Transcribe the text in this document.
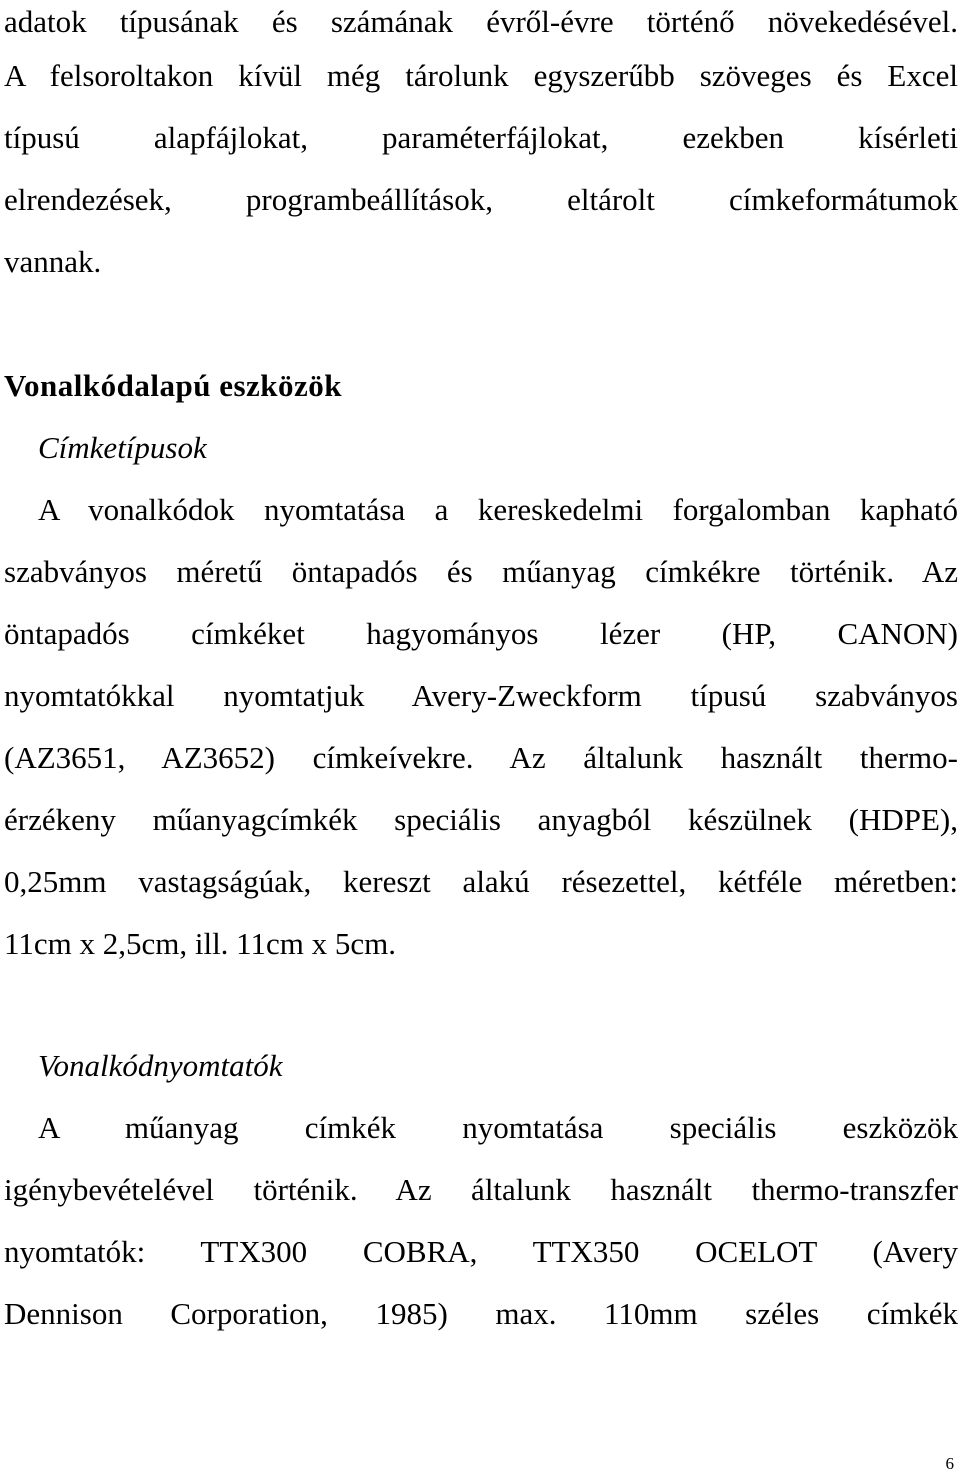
adatok típusának és számának évről-évre történő növekedésével.
A felsoroltakon kívül még tárolunk egyszerűbb szöveges és Excel
típusú alapfájlokat, paraméterfájlokat, ezekben kísérleti
elrendezések, programbeállítások, eltárolt címkeformátumok
vannak.
Vonalkódalapú eszközök
Címketípusok
A vonalkódok nyomtatása a kereskedelmi forgalomban kapható
szabványos méretű öntapadós és műanyag címkékre történik. Az
öntapadós címkéket hagyományos lézer (HP, CANON)
nyomtatókkal nyomtatjuk Avery-Zweckform típusú szabványos
(AZ3651, AZ3652) címkeívekre. Az általunk használt thermo-
érzékeny műanyagcímkék speciális anyagból készülnek (HDPE),
0,25mm vastagságúak, kereszt alakú résezettel, kétféle méretben:
11cm x 2,5cm, ill. 11cm x 5cm.
Vonalkódnyomtatók
A műanyag címkék nyomtatása speciális eszközök
igénybevételével történik. Az általunk használt thermo-transzfer
nyomtatók: TTX300 COBRA, TTX350 OCELOT (Avery
Dennison Corporation, 1985) max. 110mm széles címkék
6
